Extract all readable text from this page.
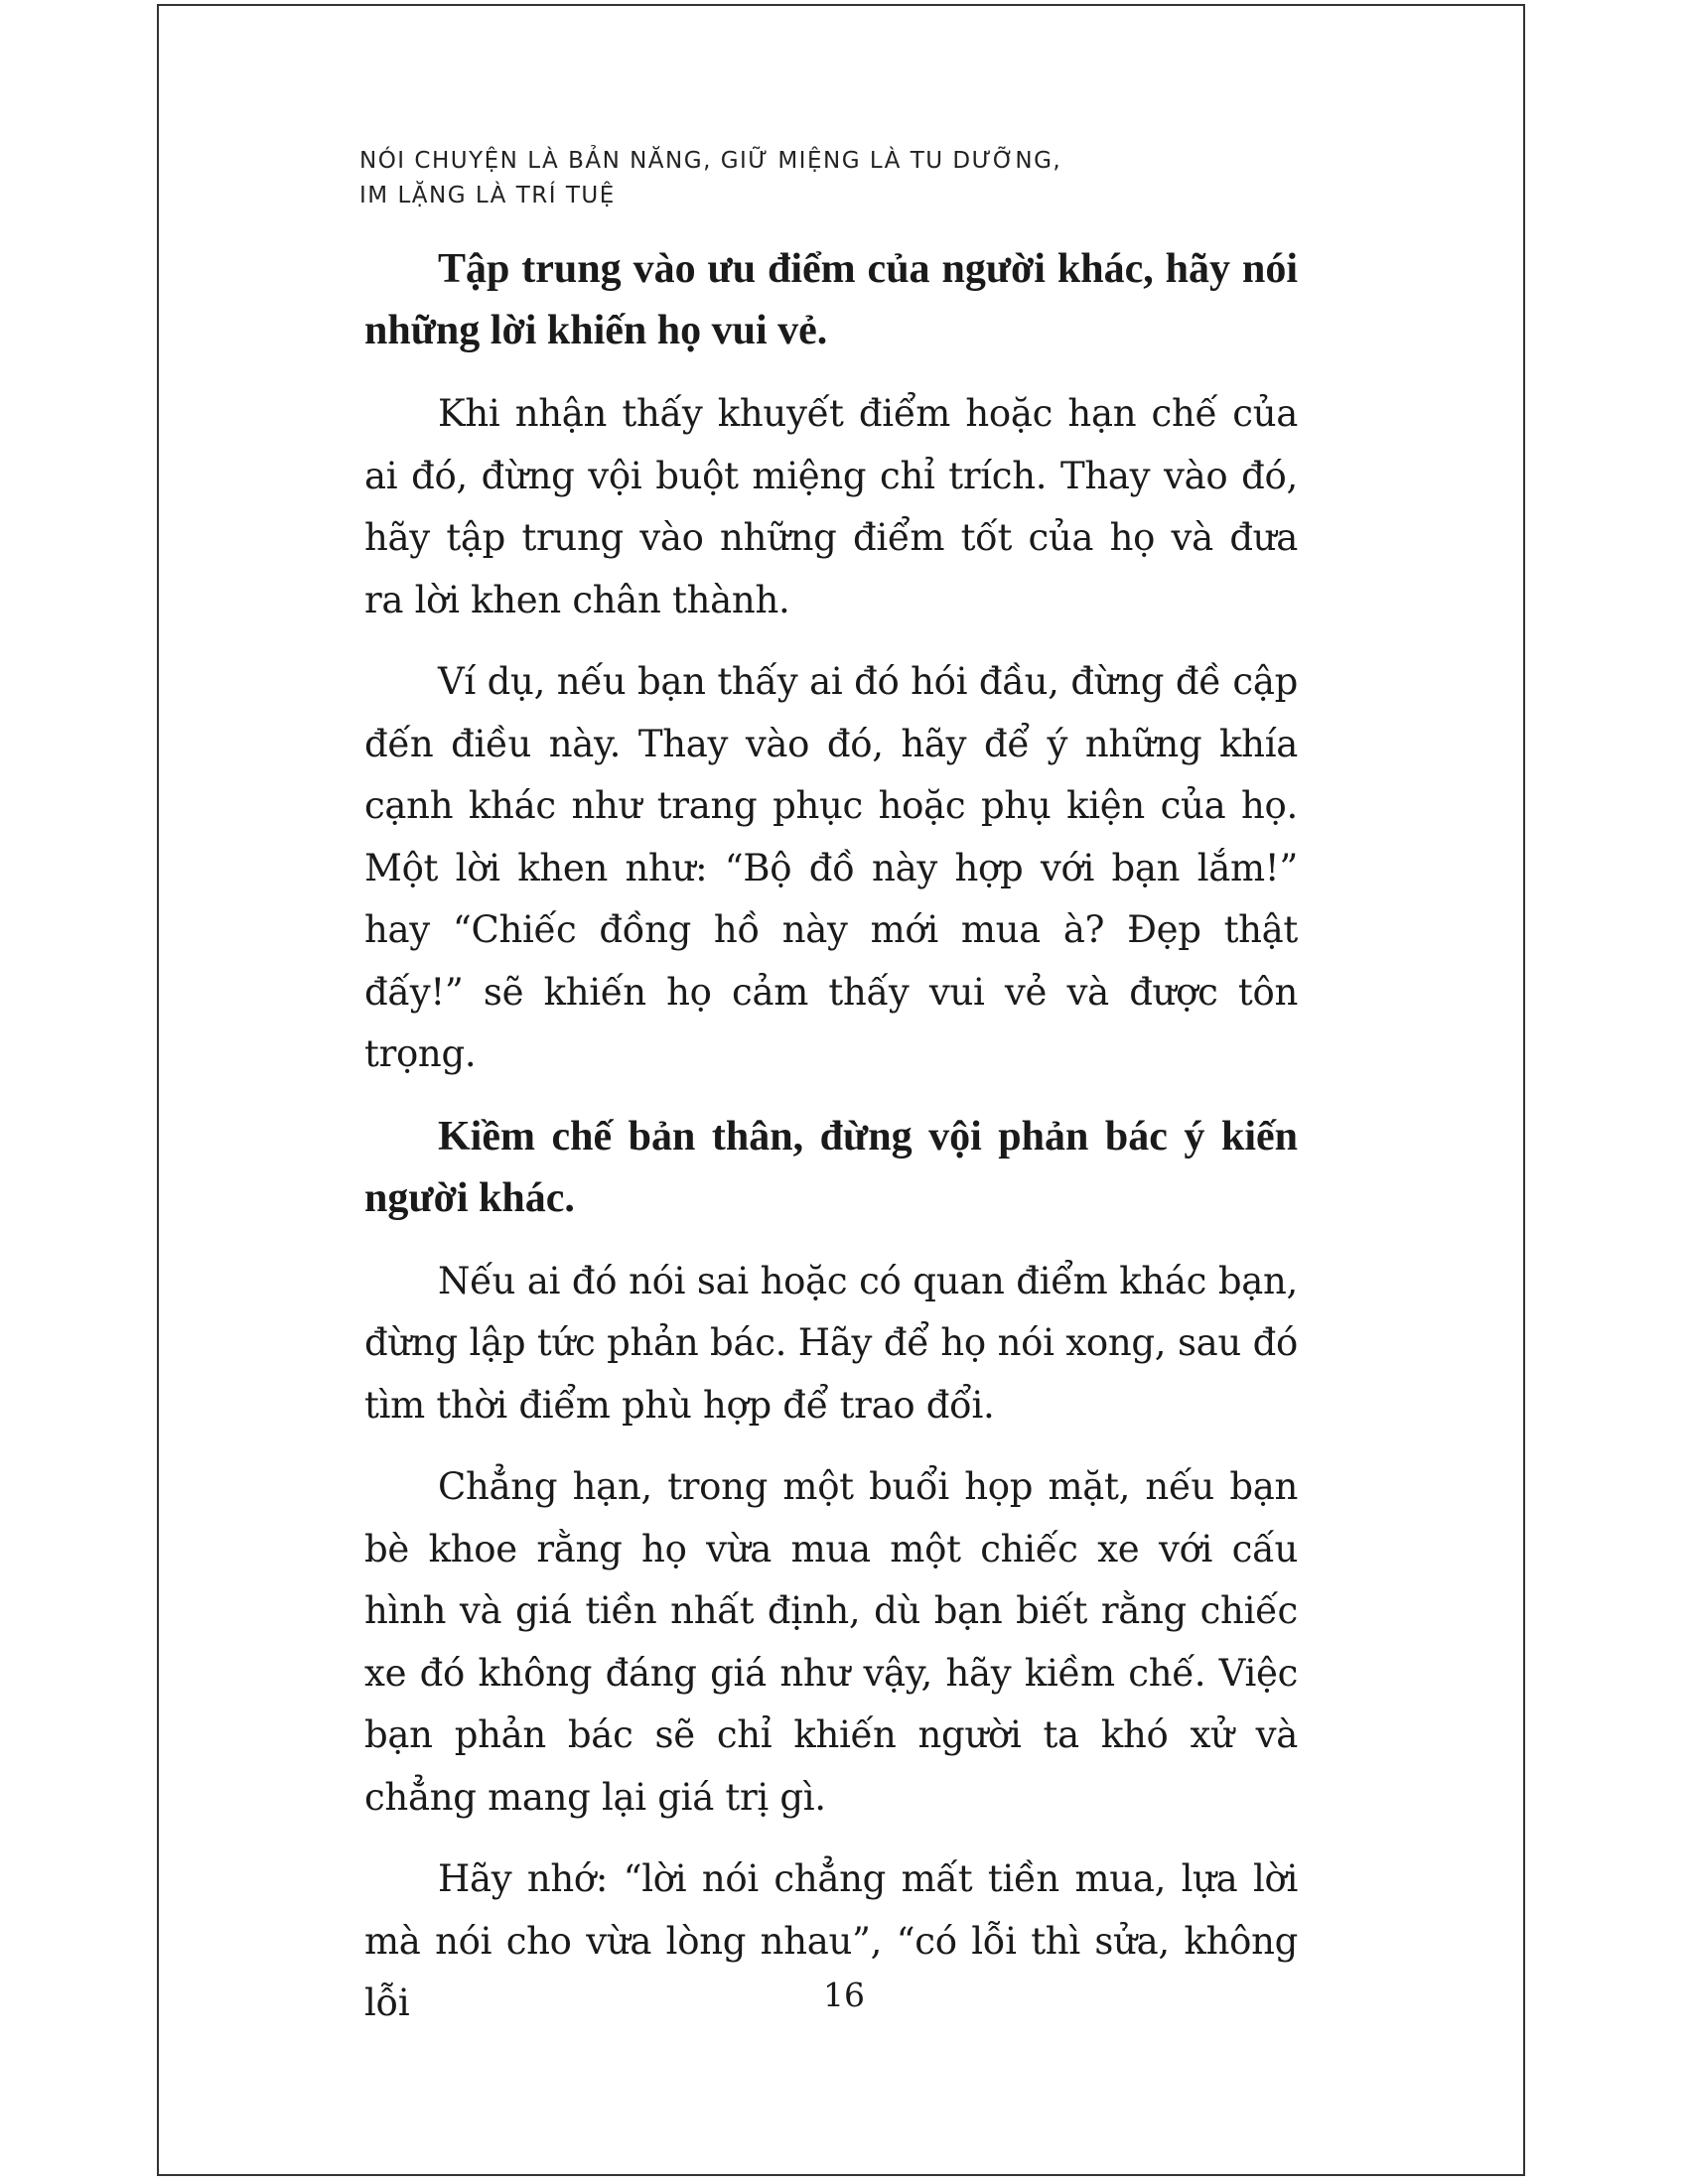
NÓI CHUYỆN LÀ BẢN NĂNG, GIỮ MIỆNG LÀ TU DƯỠNG,
IM LẶNG LÀ TRÍ TUỆ

Tập trung vào ưu điểm của người khác, hãy nói những lời khiến họ vui vẻ.

Khi nhận thấy khuyết điểm hoặc hạn chế của ai đó, đừng vội buột miệng chỉ trích. Thay vào đó, hãy tập trung vào những điểm tốt của họ và đưa ra lời khen chân thành.

Ví dụ, nếu bạn thấy ai đó hói đầu, đừng đề cập đến điều này. Thay vào đó, hãy để ý những khía cạnh khác như trang phục hoặc phụ kiện của họ. Một lời khen như: “Bộ đồ này hợp với bạn lắm!” hay “Chiếc đồng hồ này mới mua à? Đẹp thật đấy!” sẽ khiến họ cảm thấy vui vẻ và được tôn trọng.

Kiềm chế bản thân, đừng vội phản bác ý kiến người khác.

Nếu ai đó nói sai hoặc có quan điểm khác bạn, đừng lập tức phản bác. Hãy để họ nói xong, sau đó tìm thời điểm phù hợp để trao đổi.

Chẳng hạn, trong một buổi họp mặt, nếu bạn bè khoe rằng họ vừa mua một chiếc xe với cấu hình và giá tiền nhất định, dù bạn biết rằng chiếc xe đó không đáng giá như vậy, hãy kiềm chế. Việc bạn phản bác sẽ chỉ khiến người ta khó xử và chẳng mang lại giá trị gì.

Hãy nhớ: “lời nói chẳng mất tiền mua, lựa lời mà nói cho vừa lòng nhau”, “có lỗi thì sửa, không lỗi	16
